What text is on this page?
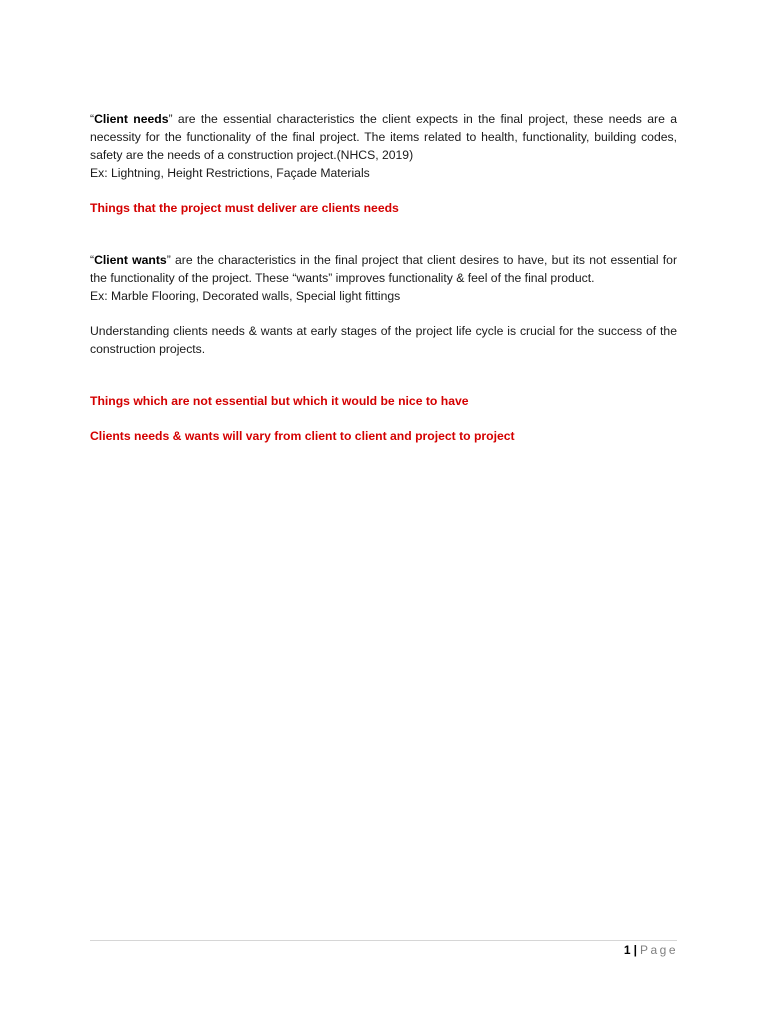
“Client needs” are the essential characteristics the client expects in the final project, these needs are a necessity for the functionality of the final project. The items related to health, functionality, building codes, safety are the needs of a construction project.(NHCS, 2019)

Ex: Lightning, Height Restrictions, Façade Materials

Things that the project must deliver are clients needs

“Client wants” are the characteristics in the final project that client desires to have, but its not essential for the functionality of the project. These “wants” improves functionality & feel of the final product.

Ex: Marble Flooring, Decorated walls, Special light fittings

Understanding clients needs & wants at early stages of the project life cycle is crucial for the success of the construction projects.

Things which are not essential but which it would be nice to have

Clients needs & wants will vary from client to client and project to project

1 | Page
